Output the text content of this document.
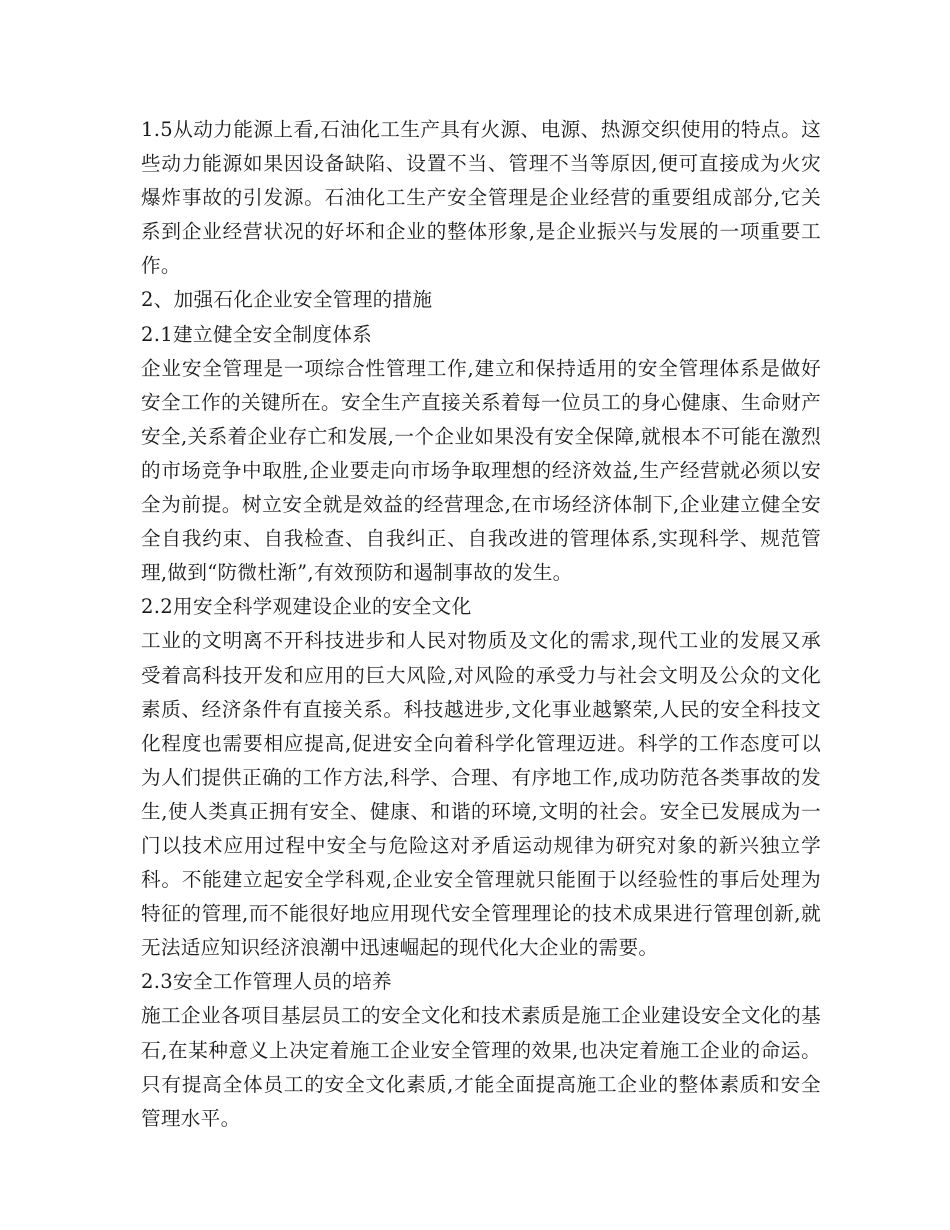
1.5从动力能源上看,石油化工生产具有火源、电源、热源交织使用的特点。这些动力能源如果因设备缺陷、设置不当、管理不当等原因,便可直接成为火灾爆炸事故的引发源。石油化工生产安全管理是企业经营的重要组成部分,它关系到企业经营状况的好坏和企业的整体形象,是企业振兴与发展的一项重要工作。

2、加强石化企业安全管理的措施

2.1建立健全安全制度体系

企业安全管理是一项综合性管理工作,建立和保持适用的安全管理体系是做好安全工作的关键所在。安全生产直接关系着每一位员工的身心健康、生命财产安全,关系着企业存亡和发展,一个企业如果没有安全保障,就根本不可能在激烈的市场竞争中取胜,企业要走向市场争取理想的经济效益,生产经营就必须以安全为前提。树立安全就是效益的经营理念,在市场经济体制下,企业建立健全安全自我约束、自我检查、自我纠正、自我改进的管理体系,实现科学、规范管理,做到“防微杜渐”,有效预防和遏制事故的发生。

2.2用安全科学观建设企业的安全文化

工业的文明离不开科技进步和人民对物质及文化的需求,现代工业的发展又承受着高科技开发和应用的巨大风险,对风险的承受力与社会文明及公众的文化素质、经济条件有直接关系。科技越进步,文化事业越繁荣,人民的安全科技文化程度也需要相应提高,促进安全向着科学化管理迈进。科学的工作态度可以为人们提供正确的工作方法,科学、合理、有序地工作,成功防范各类事故的发生,使人类真正拥有安全、健康、和谐的环境,文明的社会。安全已发展成为一门以技术应用过程中安全与危险这对矛盾运动规律为研究对象的新兴独立学科。不能建立起安全学科观,企业安全管理就只能囿于以经验性的事后处理为特征的管理,而不能很好地应用现代安全管理理论的技术成果进行管理创新,就无法适应知识经济浪潮中迅速崛起的现代化大企业的需要。

2.3安全工作管理人员的培养

施工企业各项目基层员工的安全文化和技术素质是施工企业建设安全文化的基石,在某种意义上决定着施工企业安全管理的效果,也决定着施工企业的命运。只有提高全体员工的安全文化素质,才能全面提高施工企业的整体素质和安全管理水平。
